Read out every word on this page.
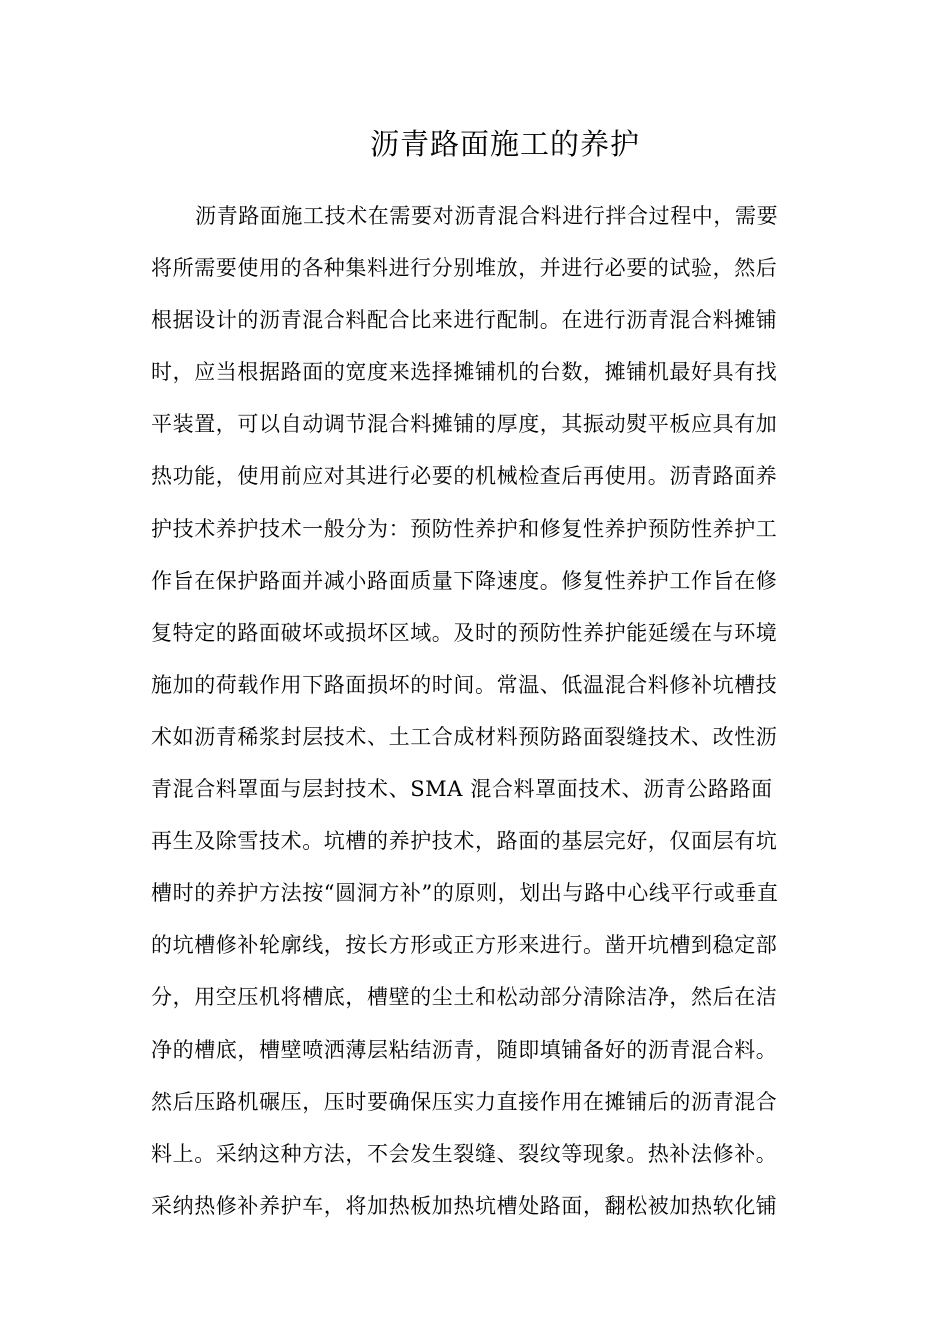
沥青路面施工的养护
沥青路面施工技术在需要对沥青混合料进行拌合过程中，需要
将所需要使用的各种集料进行分别堆放，并进行必要的试验，然后
根据设计的沥青混合料配合比来进行配制。在进行沥青混合料摊铺
时，应当根据路面的宽度来选择摊铺机的台数，摊铺机最好具有找
平装置，可以自动调节混合料摊铺的厚度，其振动熨平板应具有加
热功能，使用前应对其进行必要的机械检查后再使用。沥青路面养
护技术养护技术一般分为：预防性养护和修复性养护预防性养护工
作旨在保护路面并减小路面质量下降速度。修复性养护工作旨在修
复特定的路面破坏或损坏区域。及时的预防性养护能延缓在与环境
施加的荷载作用下路面损坏的时间。常温、低温混合料修补坑槽技
术如沥青稀浆封层技术、土工合成材料预防路面裂缝技术、改性沥
青混合料罩面与层封技术、SMA 混合料罩面技术、沥青公路路面
再生及除雪技术。坑槽的养护技术，路面的基层完好，仅面层有坑
槽时的养护方法按“圆洞方补”的原则，划出与路中心线平行或垂直
的坑槽修补轮廓线，按长方形或正方形来进行。凿开坑槽到稳定部
分，用空压机将槽底，槽壁的尘土和松动部分清除洁净，然后在洁
净的槽底，槽壁喷洒薄层粘结沥青，随即填铺备好的沥青混合料。
然后压路机碾压，压时要确保压实力直接作用在摊铺后的沥青混合
料上。采纳这种方法，不会发生裂缝、裂纹等现象。热补法修补。
采纳热修补养护车，将加热板加热坑槽处路面，翻松被加热软化铺
